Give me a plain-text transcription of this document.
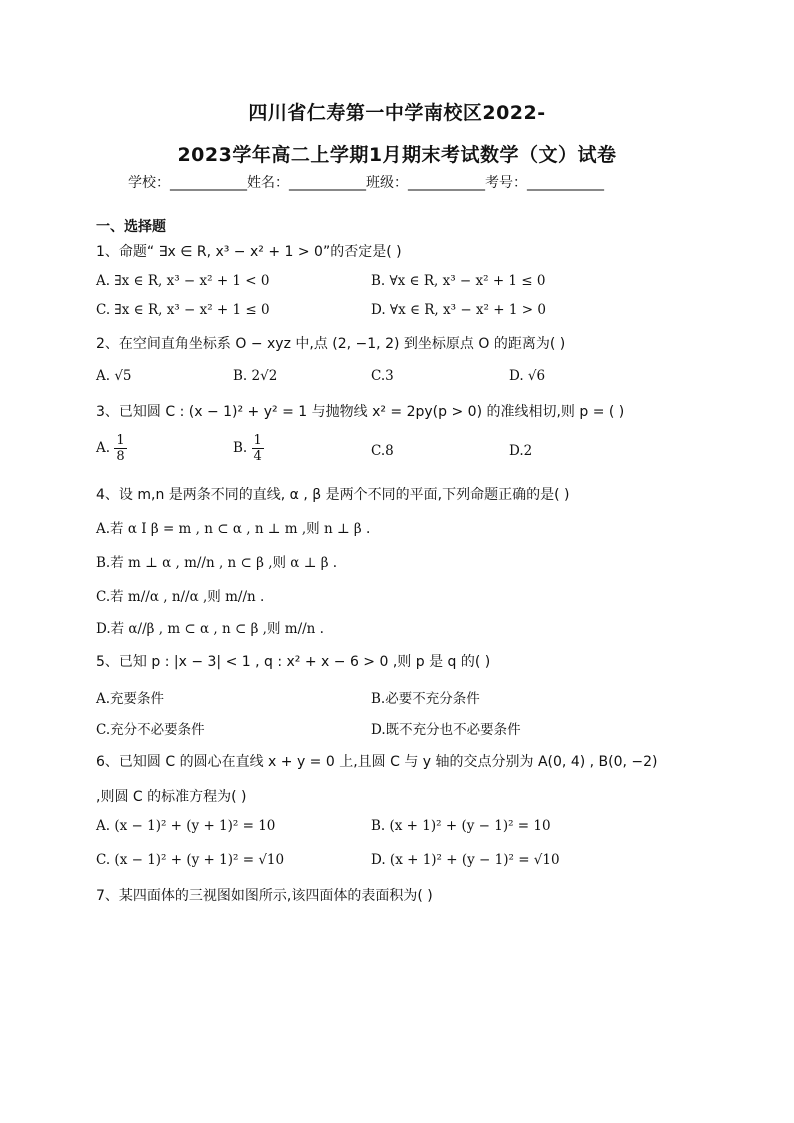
四川省仁寿第一中学南校区2022-
2023学年高二上学期1月期末考试数学（文）试卷
学校：___________姓名：___________班级：___________考号：___________
一、选择题
1、命题“ ∃x ∈ R, x³ − x² + 1 > 0”的否定是( )
A. ∃x ∈ R, x³ − x² + 1 < 0	B. ∀x ∈ R, x³ − x² + 1 ≤ 0
C. ∃x ∈ R, x³ − x² + 1 ≤ 0	D. ∀x ∈ R, x³ − x² + 1 > 0
2、在空间直角坐标系 O − xyz 中,点 (2, −1, 2) 到坐标原点 O 的距离为( )
A. √5	B. 2√2	C.3	D. √6
3、已知圆 C : (x − 1)² + y² = 1 与抛物线 x² = 2py(p > 0) 的准线相切,则 p = ( )
A. $\frac{1}{8}$	B. $\frac{1}{4}$	C.8	D.2
4、设 m,n 是两条不同的直线, α , β 是两个不同的平面,下列命题正确的是( )
A.若 α I β = m , n ⊂ α , n ⊥ m ,则 n ⊥ β .
B.若 m ⊥ α , m//n , n ⊂ β ,则 α ⊥ β .
C.若 m//α , n//α ,则 m//n .
D.若 α//β , m ⊂ α , n ⊂ β ,则 m//n .
5、已知 p : |x − 3| < 1 , q : x² + x − 6 > 0 ,则 p 是 q 的( )
A.充要条件	B.必要不充分条件
C.充分不必要条件	D.既不充分也不必要条件
6、已知圆 C 的圆心在直线 x + y = 0 上,且圆 C 与 y 轴的交点分别为 A(0, 4) , B(0, −2)
,则圆 C 的标准方程为( )
A. (x − 1)² + (y + 1)² = 10	B. (x + 1)² + (y − 1)² = 10
C. (x − 1)² + (y + 1)² = √10	D. (x + 1)² + (y − 1)² = √10
7、某四面体的三视图如图所示,该四面体的表面积为( )
